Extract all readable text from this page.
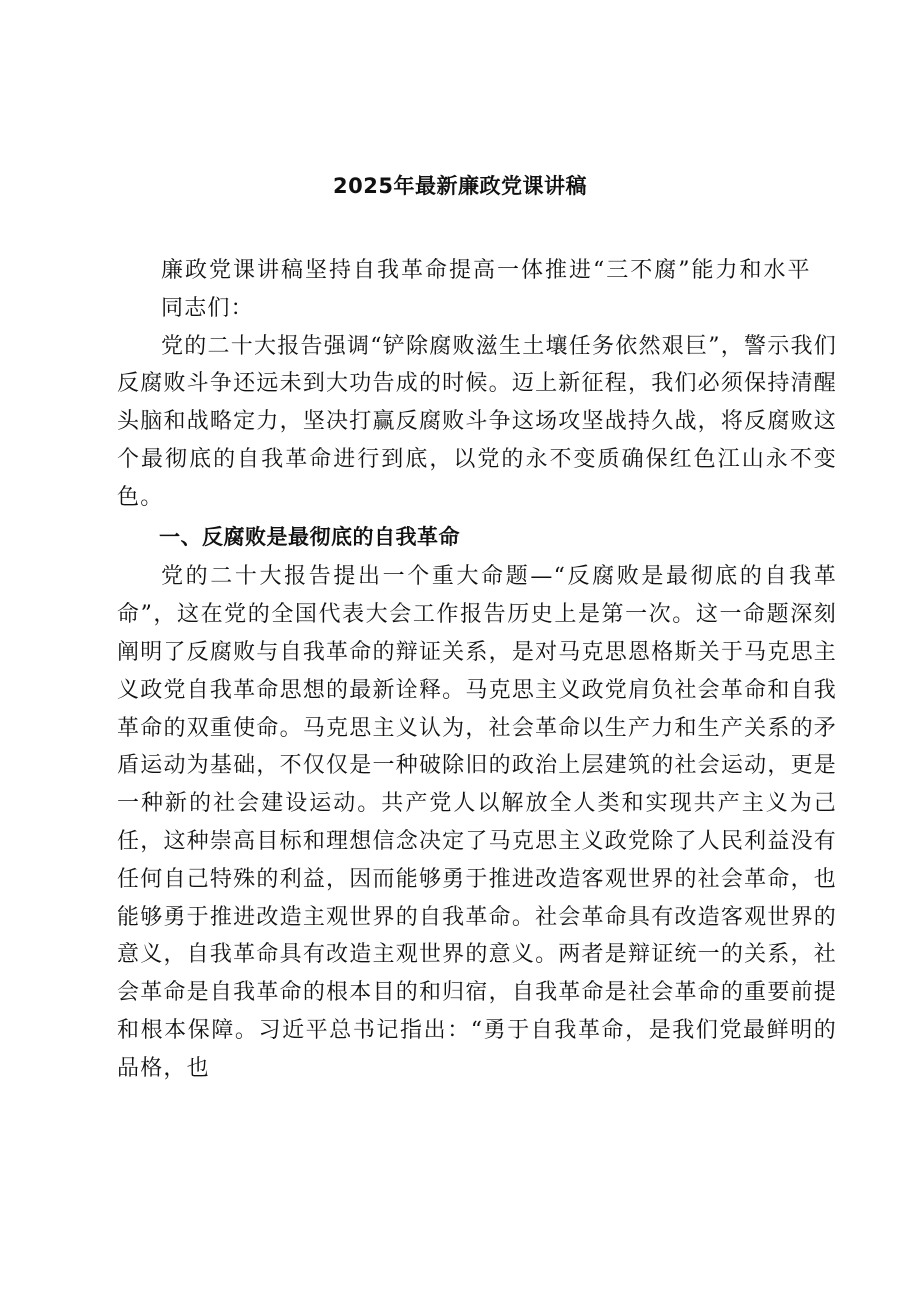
2025年最新廉政党课讲稿

廉政党课讲稿坚持自我革命提高一体推进“三不腐”能力和水平

同志们：

党的二十大报告强调“铲除腐败滋生土壤任务依然艰巨”，警示我们反腐败斗争还远未到大功告成的时候。迈上新征程，我们必须保持清醒头脑和战略定力，坚决打赢反腐败斗争这场攻坚战持久战，将反腐败这个最彻底的自我革命进行到底，以党的永不变质确保红色江山永不变色。

一、反腐败是最彻底的自我革命

党的二十大报告提出一个重大命题—“反腐败是最彻底的自我革命”，这在党的全国代表大会工作报告历史上是第一次。这一命题深刻阐明了反腐败与自我革命的辩证关系，是对马克思恩格斯关于马克思主义政党自我革命思想的最新诠释。马克思主义政党肩负社会革命和自我革命的双重使命。马克思主义认为，社会革命以生产力和生产关系的矛盾运动为基础，不仅仅是一种破除旧的政治上层建筑的社会运动，更是一种新的社会建设运动。共产党人以解放全人类和实现共产主义为己任，这种崇高目标和理想信念决定了马克思主义政党除了人民利益没有任何自己特殊的利益，因而能够勇于推进改造客观世界的社会革命，也能够勇于推进改造主观世界的自我革命。社会革命具有改造客观世界的意义，自我革命具有改造主观世界的意义。两者是辩证统一的关系，社会革命是自我革命的根本目的和归宿，自我革命是社会革命的重要前提和根本保障。习近平总书记指出：“勇于自我革命，是我们党最鲜明的品格，也
